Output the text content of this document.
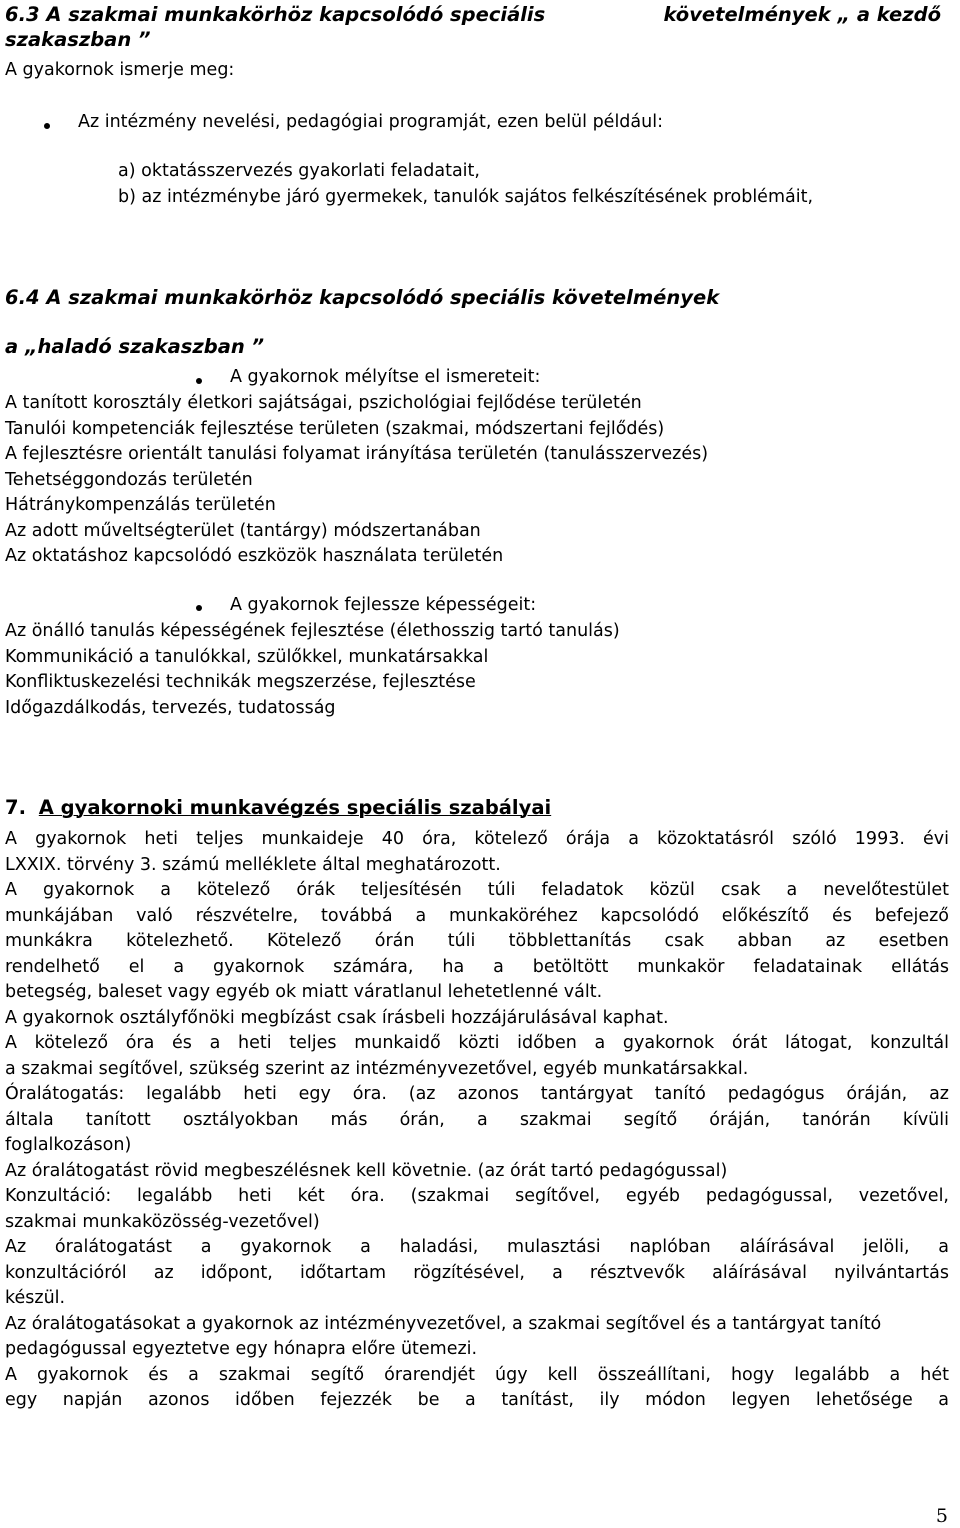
6.3 A szakmai munkakörhöz kapcsolódó speciális	követelmények „ a kezdő
szakaszban ”
A gyakornok ismerje meg:
Az intézmény nevelési, pedagógiai programját, ezen belül például:
a) oktatásszervezés gyakorlati feladatait,
b) az intézménybe járó gyermekek, tanulók sajátos felkészítésének problémáit,
6.4 A szakmai munkakörhöz kapcsolódó speciális követelmények
a „haladó szakaszban ”
A gyakornok mélyítse el ismereteit:

A tanított korosztály életkori sajátságai, pszichológiai fejlődése területén

Tanulói kompetenciák fejlesztése területen (szakmai, módszertani fejlődés)

A fejlesztésre orientált tanulási folyamat irányítása területén (tanulásszervezés)

Tehetséggondozás területén

Hátránykompenzálás területén

Az adott műveltségterület (tantárgy) módszertanában

Az oktatáshoz kapcsolódó eszközök használata területén

A gyakornok fejlessze képességeit:

Az önálló tanulás képességének fejlesztése (élethosszig tartó tanulás)

Kommunikáció a tanulókkal, szülőkkel, munkatársakkal

Konfliktuskezelési technikák megszerzése, fejlesztése

Időgazdálkodás, tervezés, tudatosság

7. A gyakornoki munkavégzés speciális szabályai
A gyakornok heti teljes munkaideje 40 óra, kötelező órája a közoktatásról szóló 1993. évi
LXXIX. törvény 3. számú melléklete által meghatározott.
A gyakornok a kötelező órák teljesítésén túli feladatok közül csak a nevelőtestület
munkájában való részvételre, továbbá a munkaköréhez kapcsolódó előkészítő és befejező
munkákra kötelezhető. Kötelező órán túli többlettanítás csak abban az esetben
rendelhető el a gyakornok számára, ha a betöltött munkakör feladatainak ellátás
betegség, baleset vagy egyéb ok miatt váratlanul lehetetlenné vált.
A gyakornok osztályfőnöki megbízást csak írásbeli hozzájárulásával kaphat.
A kötelező óra és a heti teljes munkaidő közti időben a gyakornok órát látogat, konzultál
a szakmai segítővel, szükség szerint az intézményvezetővel, egyéb munkatársakkal.
Óralátogatás: legalább heti egy óra. (az azonos tantárgyat tanító pedagógus óráján, az
általa tanított osztályokban más órán, a szakmai segítő óráján, tanórán kívüli
foglalkozáson)
Az óralátogatást rövid megbeszélésnek kell követnie. (az órát tartó pedagógussal)
Konzultáció: legalább heti két óra. (szakmai segítővel, egyéb pedagógussal, vezetővel,
szakmai munkaközösség-vezetővel)
Az óralátogatást a gyakornok a haladási, mulasztási naplóban aláírásával jelöli, a
konzultációról az időpont, időtartam rögzítésével, a résztvevők aláírásával nyilvántartás
készül.
Az óralátogatásokat a gyakornok az intézményvezetővel, a szakmai segítővel és a tantárgyat tanító
pedagógussal egyeztetve egy hónapra előre ütemezi.
A gyakornok és a szakmai segítő órarendjét úgy kell összeállítani, hogy legalább a hét
egy napján azonos időben fejezzék be a tanítást, ily módon legyen lehetősége a
5
